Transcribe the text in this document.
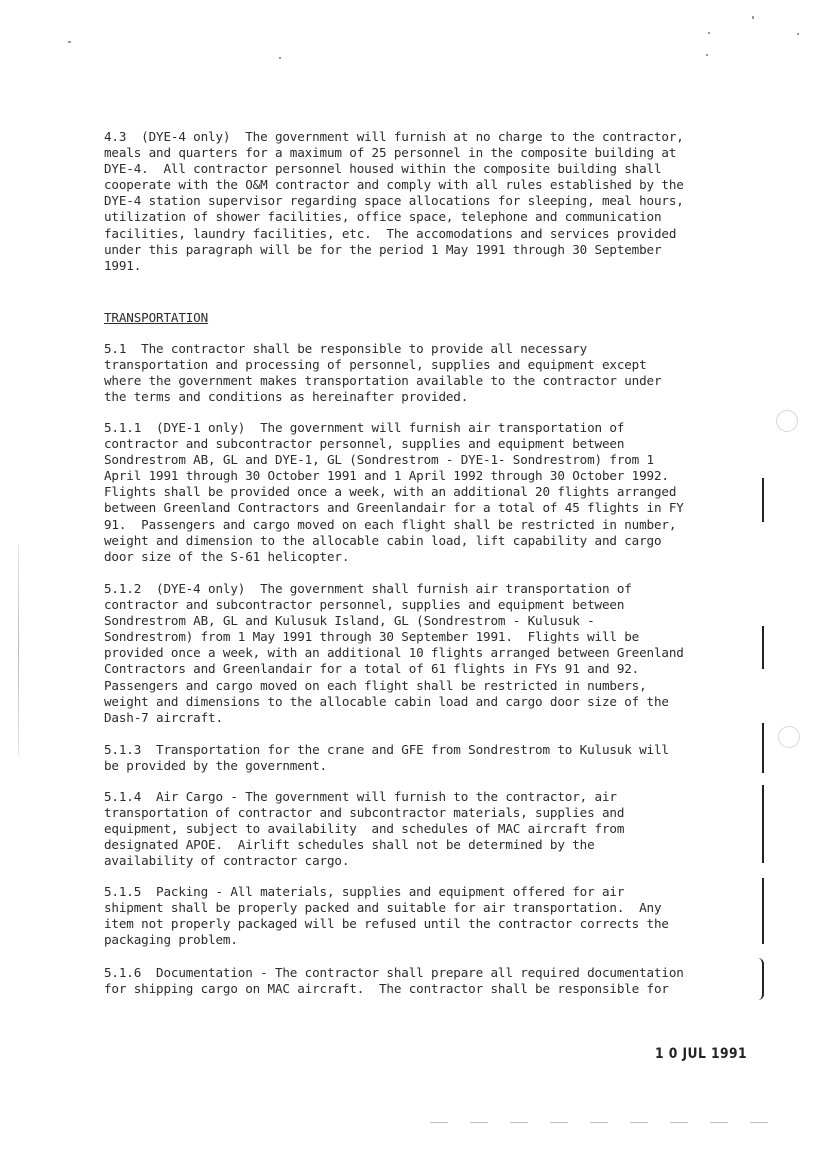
4.3  (DYE-4 only)  The government will furnish at no charge to the contractor,
meals and quarters for a maximum of 25 personnel in the composite building at
DYE-4.  All contractor personnel housed within the composite building shall
cooperate with the O&M contractor and comply with all rules established by the
DYE-4 station supervisor regarding space allocations for sleeping, meal hours,
utilization of shower facilities, office space, telephone and communication
facilities, laundry facilities, etc.  The accomodations and services provided
under this paragraph will be for the period 1 May 1991 through 30 September
1991.
TRANSPORTATION
5.1  The contractor shall be responsible to provide all necessary
transportation and processing of personnel, supplies and equipment except
where the government makes transportation available to the contractor under
the terms and conditions as hereinafter provided.
5.1.1  (DYE-1 only)  The government will furnish air transportation of
contractor and subcontractor personnel, supplies and equipment between
Sondrestrom AB, GL and DYE-1, GL (Sondrestrom - DYE-1- Sondrestrom) from 1
April 1991 through 30 October 1991 and 1 April 1992 through 30 October 1992.
Flights shall be provided once a week, with an additional 20 flights arranged
between Greenland Contractors and Greenlandair for a total of 45 flights in FY
91.  Passengers and cargo moved on each flight shall be restricted in number,
weight and dimension to the allocable cabin load, lift capability and cargo
door size of the S-61 helicopter.
5.1.2  (DYE-4 only)  The government shall furnish air transportation of
contractor and subcontractor personnel, supplies and equipment between
Sondrestrom AB, GL and Kulusuk Island, GL (Sondrestrom - Kulusuk -
Sondrestrom) from 1 May 1991 through 30 September 1991.  Flights will be
provided once a week, with an additional 10 flights arranged between Greenland
Contractors and Greenlandair for a total of 61 flights in FYs 91 and 92.
Passengers and cargo moved on each flight shall be restricted in numbers,
weight and dimensions to the allocable cabin load and cargo door size of the
Dash-7 aircraft.
5.1.3  Transportation for the crane and GFE from Sondrestrom to Kulusuk will
be provided by the government.
5.1.4  Air Cargo - The government will furnish to the contractor, air
transportation of contractor and subcontractor materials, supplies and
equipment, subject to availability  and schedules of MAC aircraft from
designated APOE.  Airlift schedules shall not be determined by the
availability of contractor cargo.
5.1.5  Packing - All materials, supplies and equipment offered for air
shipment shall be properly packed and suitable for air transportation.  Any
item not properly packaged will be refused until the contractor corrects the
packaging problem.
5.1.6  Documentation - The contractor shall prepare all required documentation
for shipping cargo on MAC aircraft.  The contractor shall be responsible for
1 0 JUL 1991
